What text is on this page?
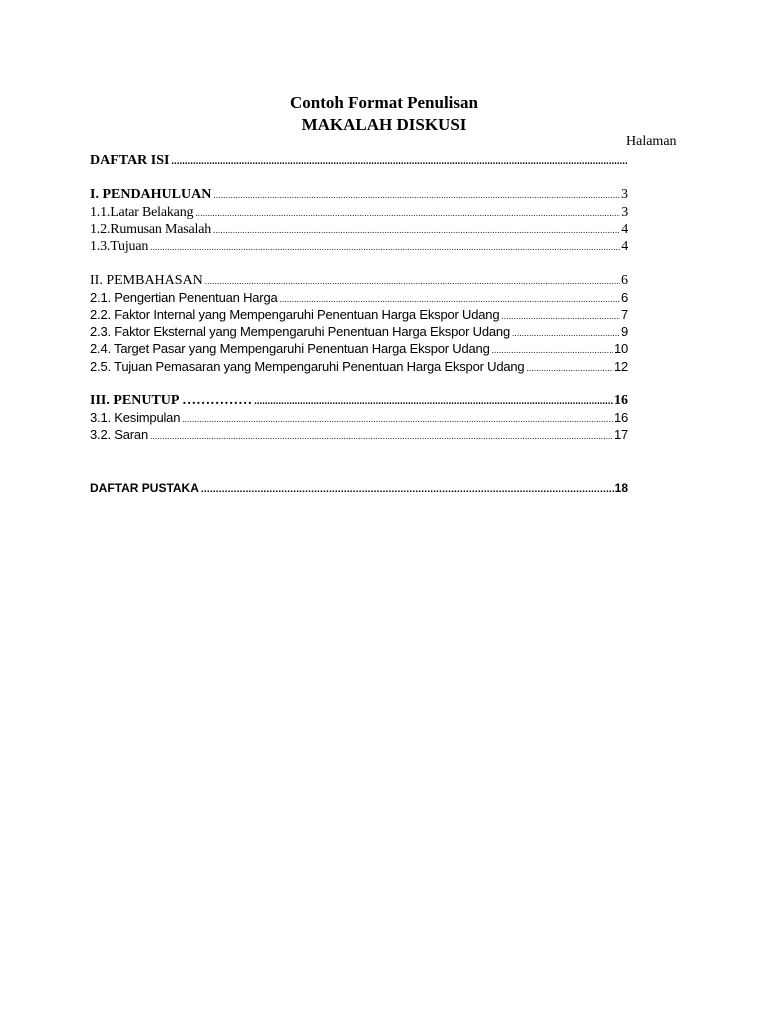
Contoh Format Penulisan
MAKALAH DISKUSI
Halaman
DAFTAR ISI
.....
I. PENDAHULUAN .....	3
1.1.Latar Belakang .....	3
1.2.Rumusan Masalah .....	4
1.3.Tujuan .....	4
II. PEMBAHASAN .....	6
2.1. Pengertian Penentuan Harga .....	6
2.2. Faktor Internal yang Mempengaruhi Penentuan Harga Ekspor Udang .....	7
2.3. Faktor Eksternal yang Mempengaruhi Penentuan Harga Ekspor Udang .....	9
2.4. Target Pasar yang Mempengaruhi Penentuan Harga Ekspor Udang .....	10
2.5. Tujuan Pemasaran yang Mempengaruhi Penentuan Harga Ekspor Udang .....	12
III. PENUTUP …………… .....	16
3.1. Kesimpulan .....	16
3.2. Saran .....	17
DAFTAR PUSTAKA .....	18
